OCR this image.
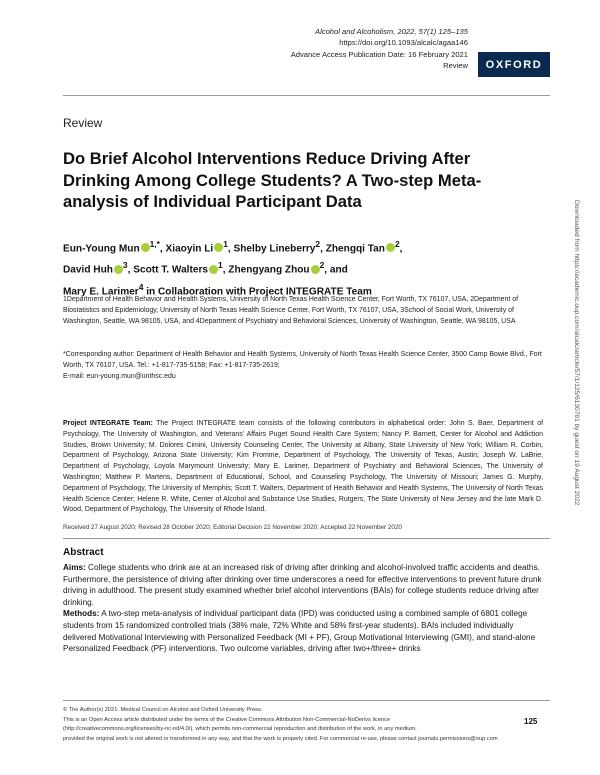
Alcohol and Alcoholism, 2022, 57(1) 125–135
https://doi.org/10.1093/alcalc/agaa146
Advance Access Publication Date: 16 February 2021
Review	OXFORD
Review
Do Brief Alcohol Interventions Reduce Driving After Drinking Among College Students? A Two-step Meta-analysis of Individual Participant Data
Eun-Young Mun $^{1,*}$, Xiaoyin Li $^1$, Shelby Lineberry$^2$, Zhengqi Tan $^2$,
David Huh $^3$, Scott T. Walters $^1$, Zhengyang Zhou $^2$, and
Mary E. Larimer$^4$ in Collaboration with Project INTEGRATE Team
1Department of Health Behavior and Health Systems, University of North Texas Health Science Center, Fort Worth, TX 76107, USA, 2Department of Biostatistics and Epidemiology, University of North Texas Health Science Center, Fort Worth, TX 76107, USA, 3School of Social Work, University of Washington, Seattle, WA 98105, USA, and 4Department of Psychiatry and Behavioral Sciences, University of Washington, Seattle, WA 98105, USA
*Corresponding author: Department of Health Behavior and Health Systems, University of North Texas Health Science Center, 3500 Camp Bowie Blvd., Fort Worth, TX 76107, USA. Tel.: +1-817-735-5158; Fax: +1-817-735-2619;
E-mail: eun-young.mun@unthsc.edu
Project INTEGRATE Team: The Project INTEGRATE team consists of the following contributors in alphabetical order: John S. Baer, Department of Psychology, The University of Washington, and Veterans' Affairs Puget Sound Health Care System; Nancy P. Barnett, Center for Alcohol and Addiction Studies, Brown University; M. Dolores Cimini, University Counseling Center, The University at Albany, State University of New York; William R. Corbin, Department of Psychology, Arizona State University; Kim Fromme, Department of Psychology, The University of Texas, Austin; Joseph W. LaBrie, Department of Psychology, Loyola Marymount University; Mary E. Larimer, Department of Psychiatry and Behavioral Sciences, The University of Washington; Matthew P. Martens, Department of Educational, School, and Counseling Psychology, The University of Missouri; James G. Murphy, Department of Psychology, The University of Memphis; Scott T. Walters, Department of Health Behavior and Health Systems, The University of North Texas Health Science Center; Helene R. White, Center of Alcohol and Substance Use Studies, Rutgers, The State University of New Jersey and the late Mark D. Wood, Department of Psychology, The University of Rhode Island.
Received 27 August 2020; Revised 28 October 2020; Editorial Decision 22 November 2020; Accepted 22 November 2020
Abstract

Aims: College students who drink are at an increased risk of driving after drinking and alcohol-involved traffic accidents and deaths. Furthermore, the persistence of driving after drinking over time underscores a need for effective interventions to prevent future drunk driving in adulthood. The present study examined whether brief alcohol interventions (BAIs) for college students reduce driving after drinking.

Methods: A two-step meta-analysis of individual participant data (IPD) was conducted using a combined sample of 6801 college students from 15 randomized controlled trials (38% male, 72% White and 58% first-year students). BAIs included individually delivered Motivational Interviewing with Personalized Feedback (MI + PF), Group Motivational Interviewing (GMI), and stand-alone Personalized Feedback (PF) interventions. Two outcome variables, driving after two+/three+ drinks

© The Author(s) 2021. Medical Council on Alcohol and Oxford University Press.
This is an Open Access article distributed under the terms of the Creative Commons Attribution Non-Commercial-NoDerivs licence
(http://creativecommons.org/licenses/by-nc-nd/4.0/), which permits non-commercial reproduction and distribution of the work, in any medium,
provided the original work is not altered or transformed in any way, and that the work is properly cited. For commercial re-use, please contact journals.permissions@oup.com
125
Downloaded from https://academic.oup.com/alcalc/article/57/1/125/6130761 by guest on 19 August 2022
